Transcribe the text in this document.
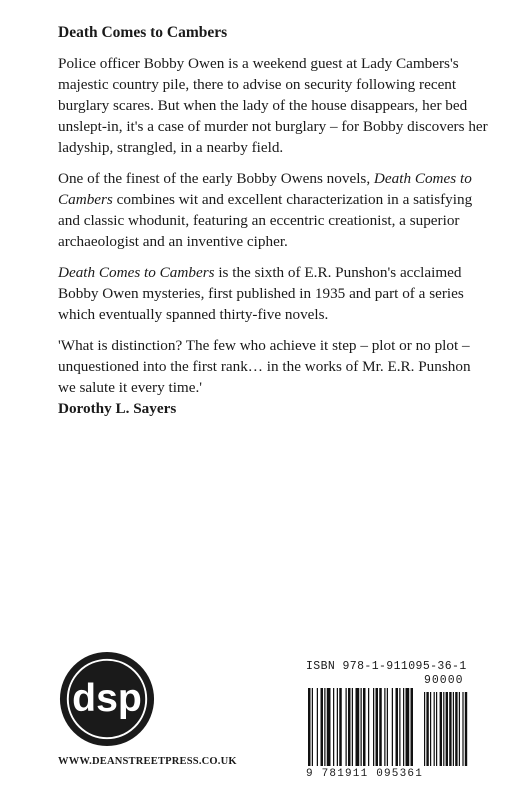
Death Comes to Cambers

Police officer Bobby Owen is a weekend guest at Lady Cambers's majestic country pile, there to advise on security following recent burglary scares. But when the lady of the house disappears, her bed unslept-in, it's a case of murder not burglary – for Bobby discovers her ladyship, strangled, in a nearby field.

One of the finest of the early Bobby Owens novels, Death Comes to Cambers combines wit and excellent characterization in a satisfying and classic whodunit, featuring an eccentric creationist, a superior archaeologist and an inventive cipher.

Death Comes to Cambers is the sixth of E.R. Punshon's acclaimed Bobby Owen mysteries, first published in 1935 and part of a series which eventually spanned thirty-five novels.

'What is distinction? The few who achieve it step – plot or no plot – unquestioned into the first rank… in the works of Mr. E.R. Punshon we salute it every time.'
Dorothy L. Sayers

dsp
WWW.DEANSTREETPRESS.CO.UK
ISBN 978-1-911095-36-1
90000
9 781911 095361
